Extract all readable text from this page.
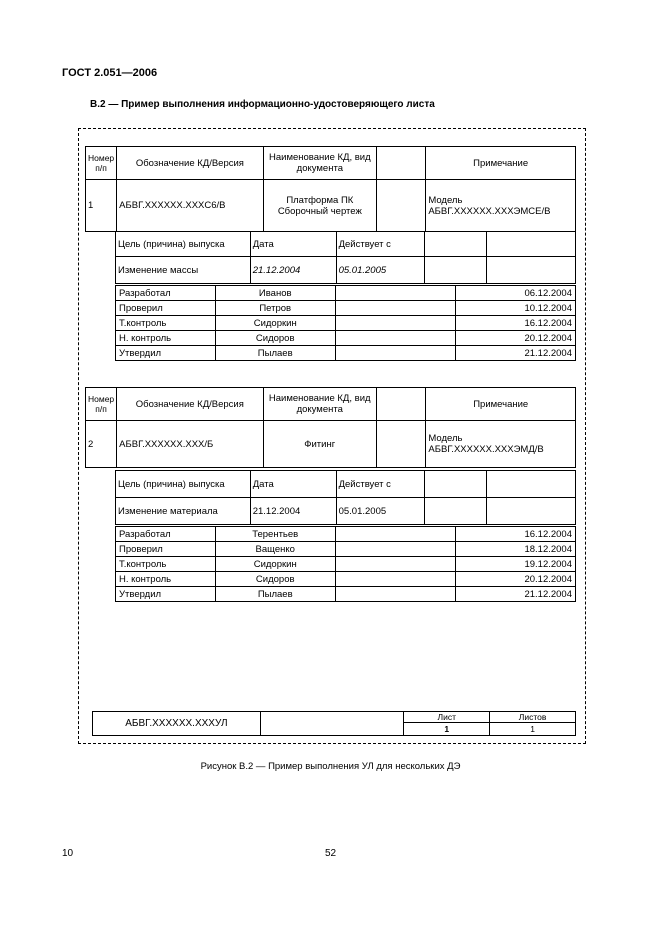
ГОСТ 2.051—2006
В.2 — Пример выполнения информационно-удостоверяющего листа
Номер п/п	Обозначение КД/Версия	Наименование КД, вид документа		Примечание
1	АБВГ.XXXXXX.XXXC6/B	Платформа ПК Сборочный чертеж		Модель АБВГ.XXXXXX.XXXЭМСЕ/B
Цель (причина) выпуска	Дата	Действует с		
Изменение массы	21.12.2004	05.01.2005		
Разработал	Иванов		06.12.2004
Проверил	Петров		10.12.2004
Т.контроль	Сидоркин		16.12.2004
Н. контроль	Сидоров		20.12.2004
Утвердил	Пылаев		21.12.2004
Номер п/п	Обозначение КД/Версия	Наименование КД, вид документа		Примечание
2	АБВГ.XXXXXX.XXX/Б	Фитинг		Модель АБВГ.XXXXXX.XXXЭМД/В
Цель (причина) выпуска	Дата	Действует с		
Изменение материала	21.12.2004	05.01.2005		
Разработал	Терентьев		16.12.2004
Проверил	Ващенко		18.12.2004
Т.контроль	Сидоркин		19.12.2004
Н. контроль	Сидоров		20.12.2004
Утвердил	Пылаев		21.12.2004
АБВГ.XXXXXX.XXXУЛ		Лист	Листов
		1	1
Рисунок В.2 — Пример выполнения УЛ для нескольких ДЭ
10	52
